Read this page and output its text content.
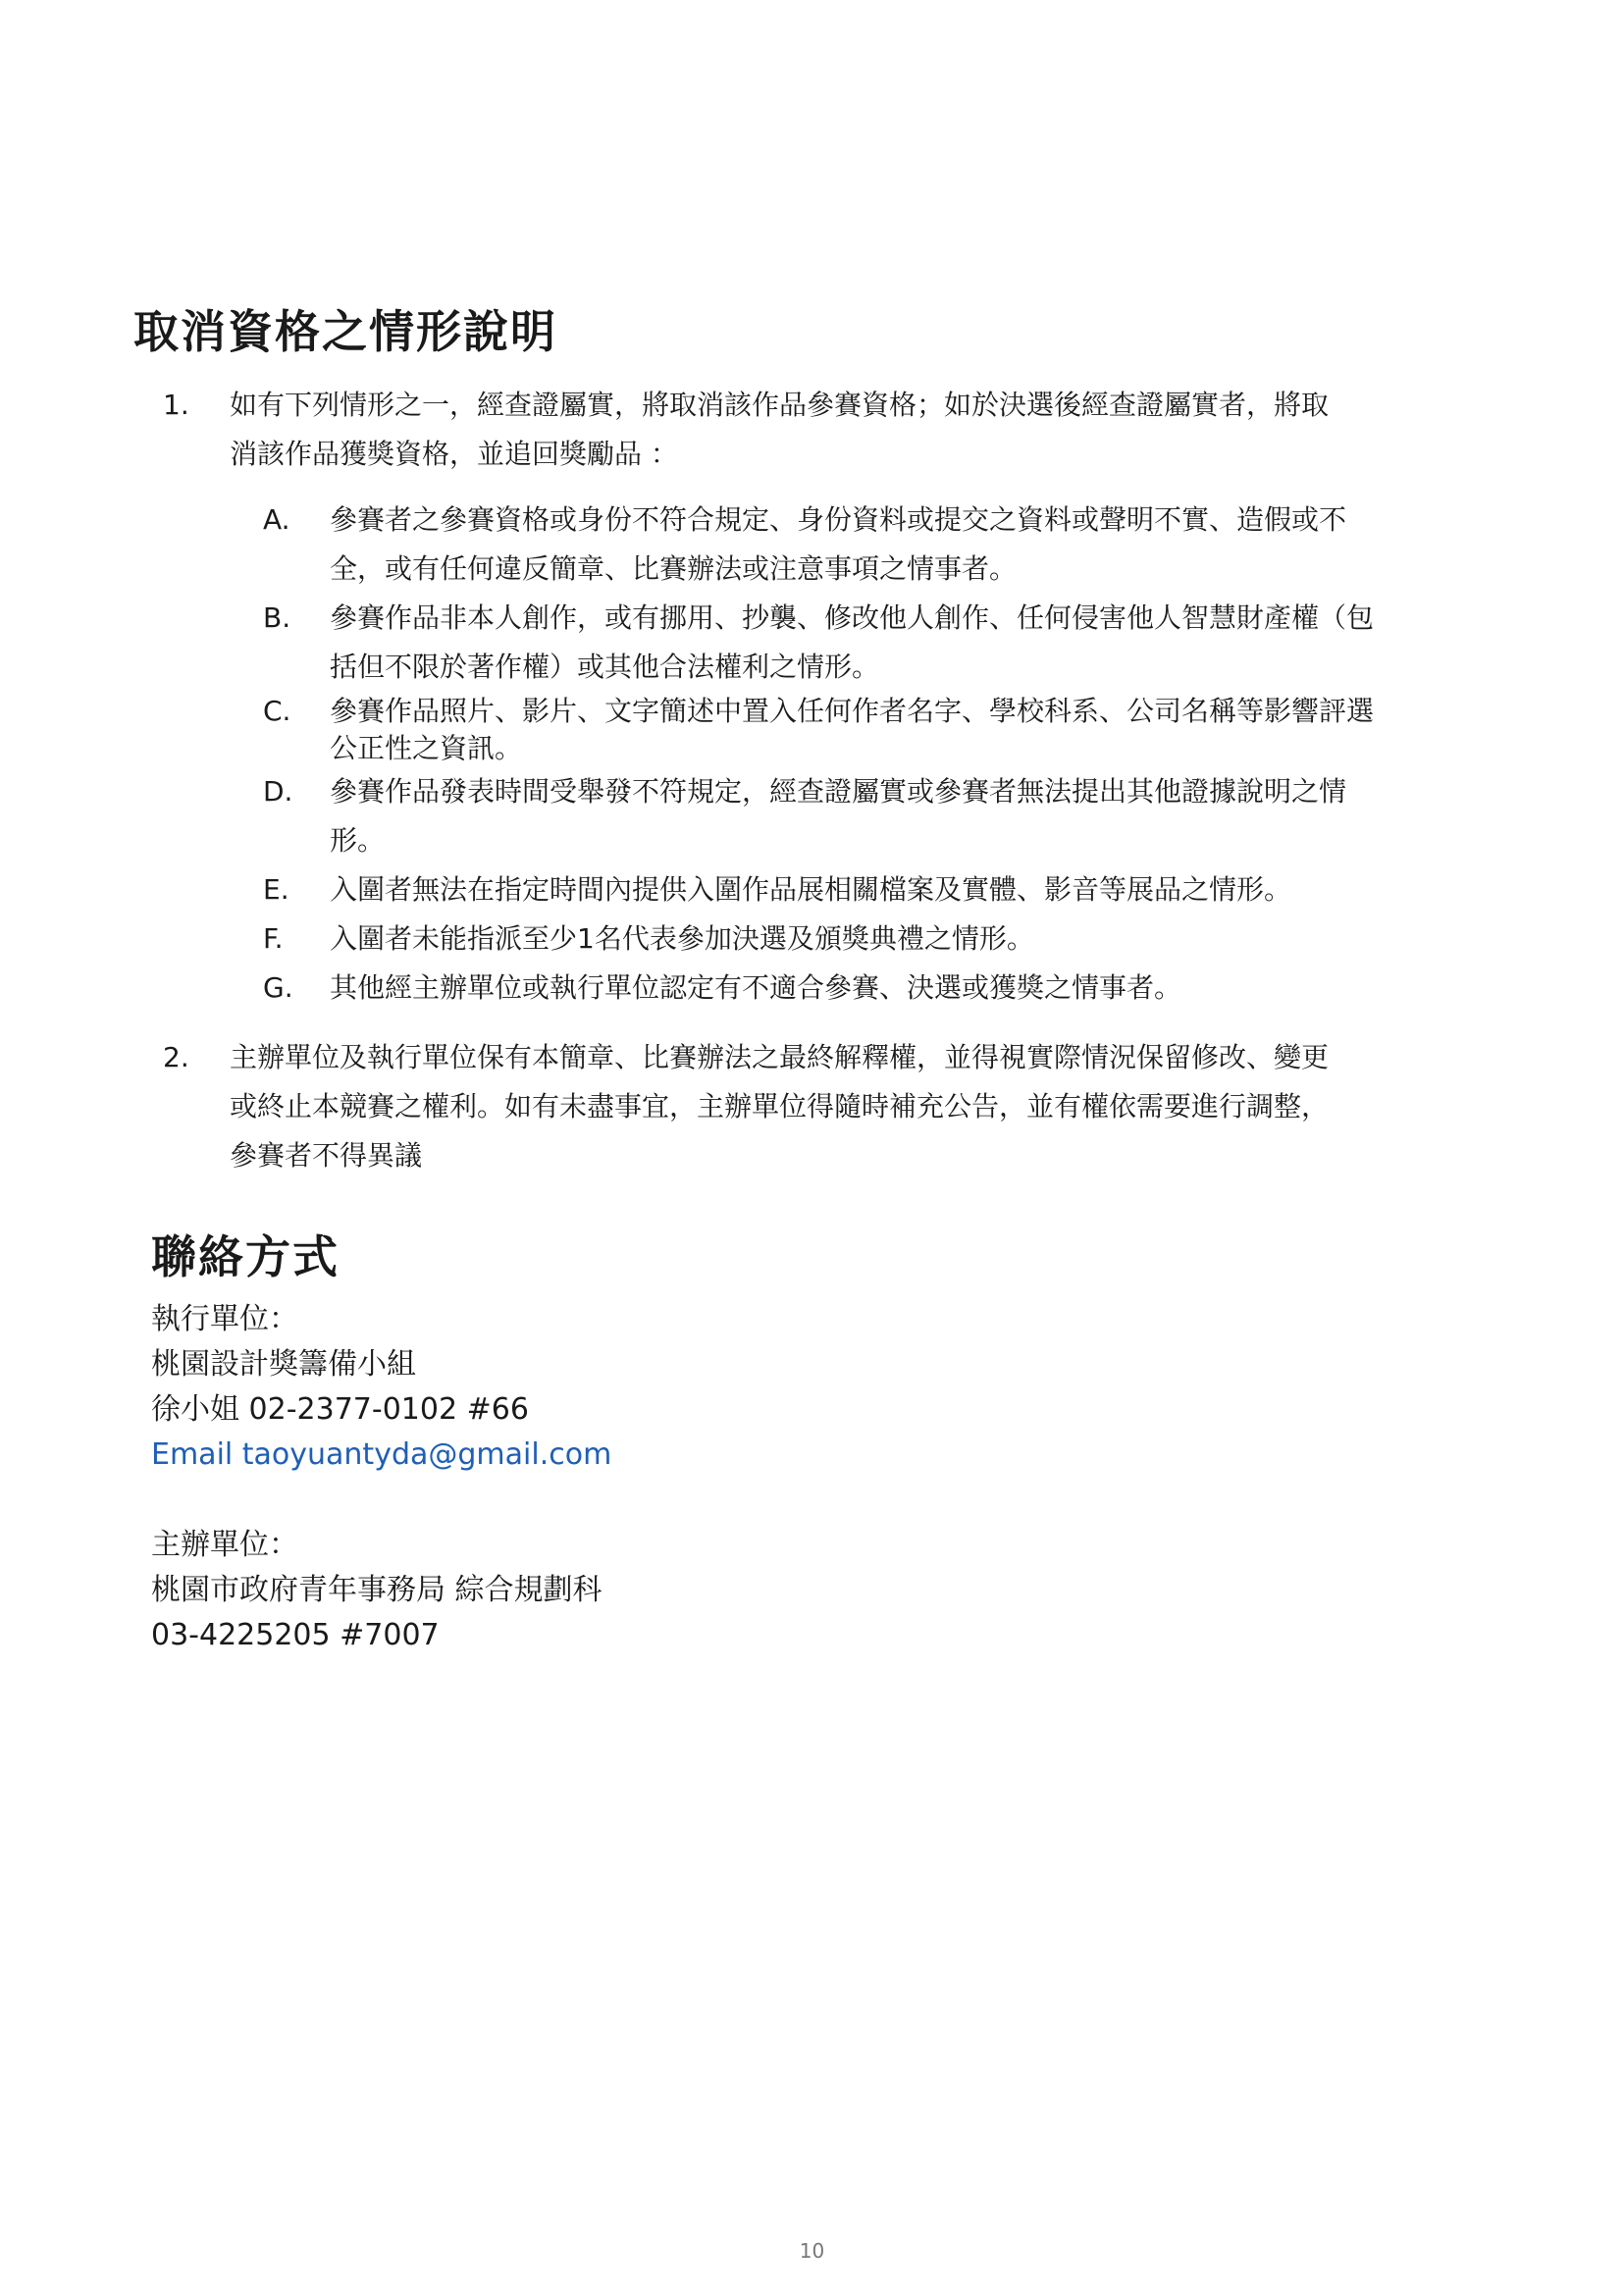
取消資格之情形說明
1. 如有下列情形之一，經查證屬實，將取消該作品參賽資格；如於決選後經查證屬實者，將取
消該作品獲獎資格，並追回獎勵品 ：
A. 參賽者之參賽資格或身份不符合規定、身份資料或提交之資料或聲明不實、造假或不
全，或有任何違反簡章、比賽辦法或注意事項之情事者。
B. 參賽作品非本人創作，或有挪用、抄襲、修改他人創作、任何侵害他人智慧財產權（包
括但不限於著作權）或其他合法權利之情形。
C. 參賽作品照片、影片、文字簡述中置入任何作者名字、學校科系、公司名稱等影響評選
公正性之資訊。
D. 參賽作品發表時間受舉發不符規定，經查證屬實或參賽者無法提出其他證據說明之情
形。
E. 入圍者無法在指定時間內提供入圍作品展相關檔案及實體、影音等展品之情形。
F. 入圍者未能指派至少1名代表參加決選及頒獎典禮之情形。
G. 其他經主辦單位或執行單位認定有不適合參賽、決選或獲獎之情事者。
2. 主辦單位及執行單位保有本簡章、比賽辦法之最終解釋權，並得視實際情況保留修改、變更
或終止本競賽之權利。如有未盡事宜，主辦單位得隨時補充公告，並有權依需要進行調整，
參賽者不得異議
聯絡方式
執行單位：
桃園設計獎籌備小組
徐小姐 02-2377-0102 #66
Email taoyuantyda@gmail.com
主辦單位：
桃園市政府青年事務局 綜合規劃科
03-4225205 #7007
10
